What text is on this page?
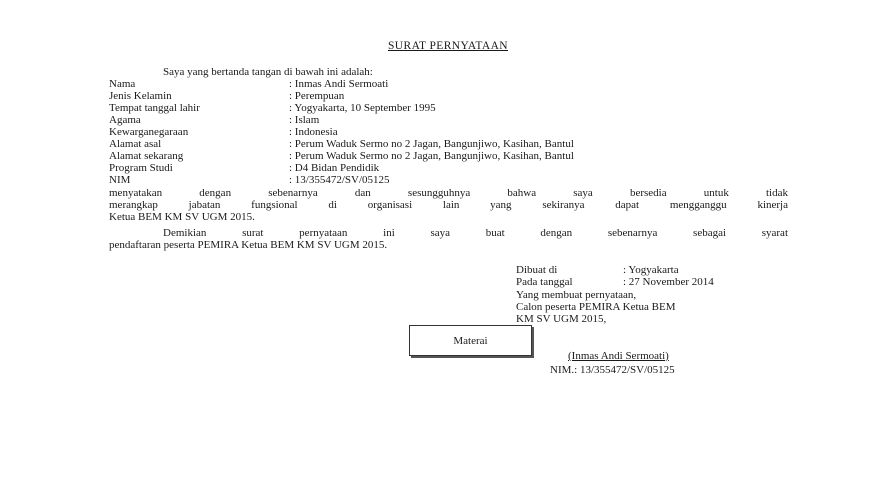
SURAT PERNYATAAN
Saya yang bertanda tangan di bawah ini adalah:
Nama	: Inmas Andi Sermoati
Jenis Kelamin	: Perempuan
Tempat tanggal lahir	: Yogyakarta, 10 September 1995
Agama	: Islam
Kewarganegaraan	: Indonesia
Alamat asal	: Perum Waduk Sermo no 2 Jagan, Bangunjiwo, Kasihan, Bantul
Alamat sekarang	: Perum Waduk Sermo no 2 Jagan, Bangunjiwo, Kasihan, Bantul
Program Studi	: D4 Bidan Pendidik
NIM	: 13/355472/SV/05125
menyatakan dengan sebenarnya dan sesungguhnya bahwa saya bersedia untuk tidak
merangkap jabatan fungsional di organisasi lain yang sekiranya dapat mengganggu kinerja
Ketua BEM KM SV UGM 2015.
Demikian surat pernyataan ini saya buat dengan sebenarnya sebagai syarat
pendaftaran peserta PEMIRA Ketua BEM KM SV UGM 2015.
Dibuat di	: Yogyakarta
Pada tanggal	: 27 November 2014
Yang membuat pernyataan,
Calon peserta PEMIRA Ketua BEM
KM SV UGM 2015,
Materai
(Inmas Andi Sermoati)
NIM.: 13/355472/SV/05125
